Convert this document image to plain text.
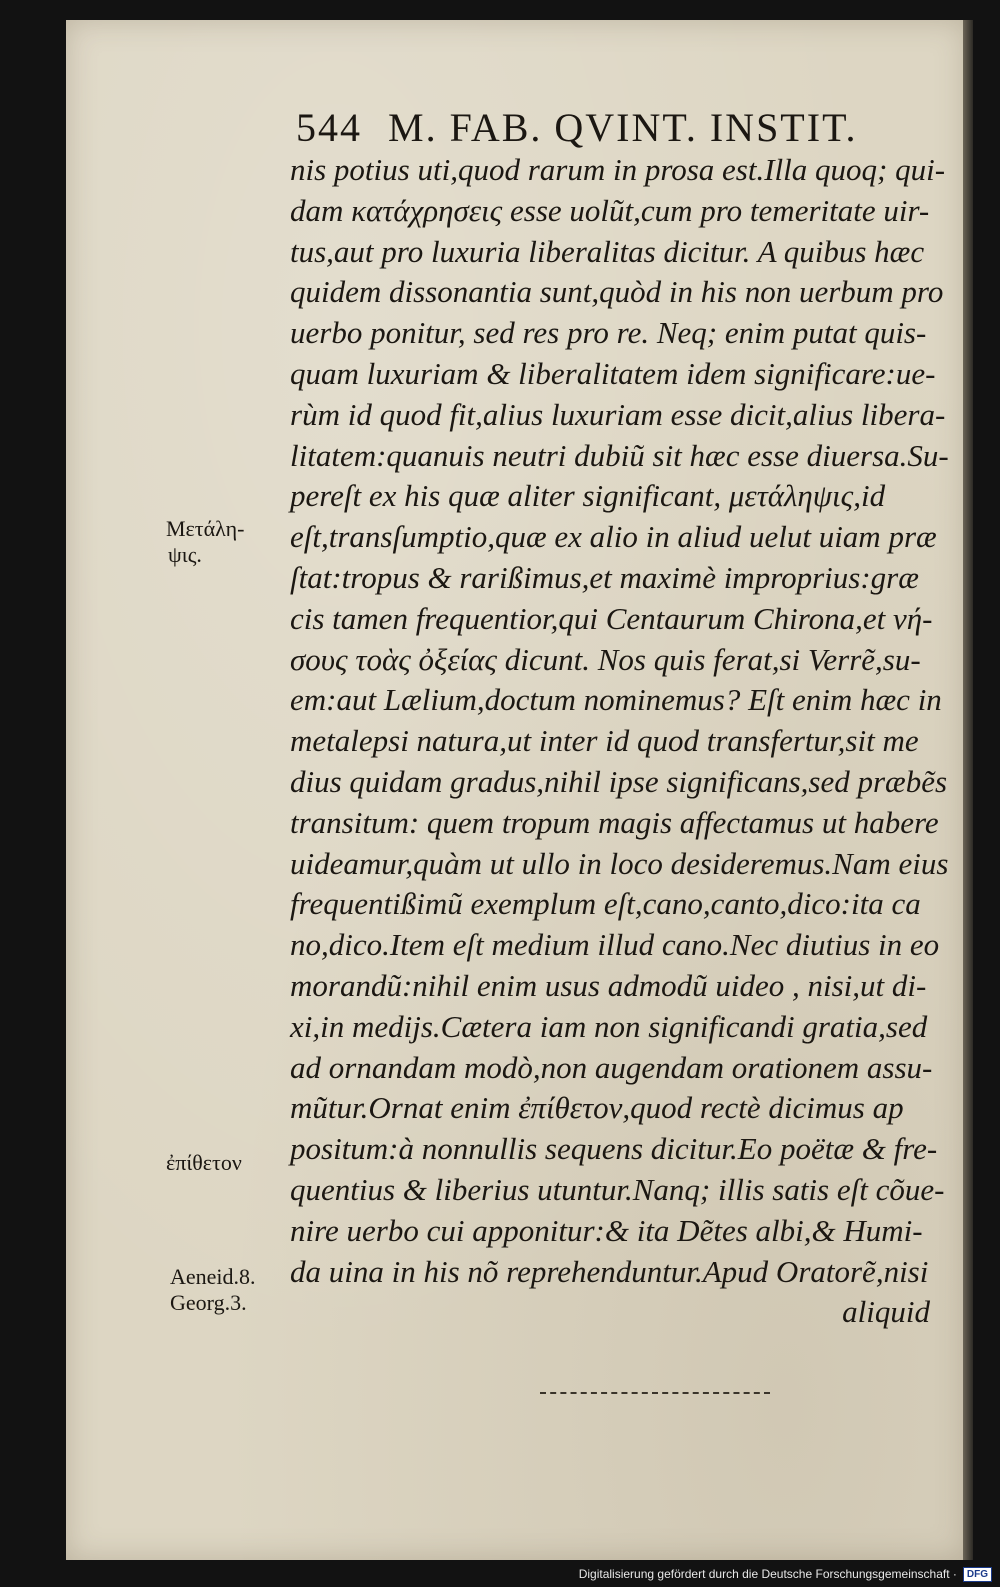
544 M. FAB. QVINT. INSTIT.
nis potius uti,quod rarum in prosa est.Illa quoq; qui-
dam κατάχρησεις esse uolũt,cum pro temeritate uir-
tus,aut pro luxuria liberalitas dicitur. A quibus hæc
quidem dissonantia sunt,quòd in his non uerbum pro
uerbo ponitur, sed res pro re. Neq; enim putat quis-
quam luxuriam & liberalitatem idem significare:ue-
rùm id quod fit,alius luxuriam esse dicit,alius libera-
litatem:quanuis neutri dubiũ sit hæc esse diuersa.Su-
pereſt ex his quæ aliter significant, μετάληψις,id
eſt,transſumptio,quæ ex alio in aliud uelut uiam præ
ſtat:tropus & rarißimus,et maximè improprius:græ
cis tamen frequentior,qui Centaurum Chirona,et νή-
σους τοὰς ὀξείας dicunt. Nos quis ferat,si Verrẽ,su-
em:aut Lælium,doctum nominemus? Eſt enim hæc in
metalepsi natura,ut inter id quod transfertur,sit me
dius quidam gradus,nihil ipse significans,sed præbẽs
transitum: quem tropum magis affectamus ut habere
uideamur,quàm ut ullo in loco desideremus.Nam eius
frequentißimũ exemplum eſt,cano,canto,dico:ita ca
no,dico.Item eſt medium illud cano.Nec diutius in eo
morandũ:nihil enim usus admodũ uideo , nisi,ut di-
xi,in medijs.Cætera iam non significandi gratia,sed
ad ornandam modò,non augendam orationem assu-
mũtur.Ornat enim ἐπίθετον,quod rectè dicimus ap
positum:à nonnullis sequens dicitur.Eo poëtæ & fre-
quentius & liberius utuntur.Nanq; illis satis eſt cõue-
nire uerbo cui apponitur:& ita Dẽtes albi,& Humi-
da uina in his nõ reprehenduntur.Apud Oratorẽ,nisi
aliquid
Μετάλη-
ψις.
ἐπίθετον
Aeneid.8.
Georg.3.
Digitalisierung gefördert durch die Deutsche Forschungsgemeinschaft ·	DFG
